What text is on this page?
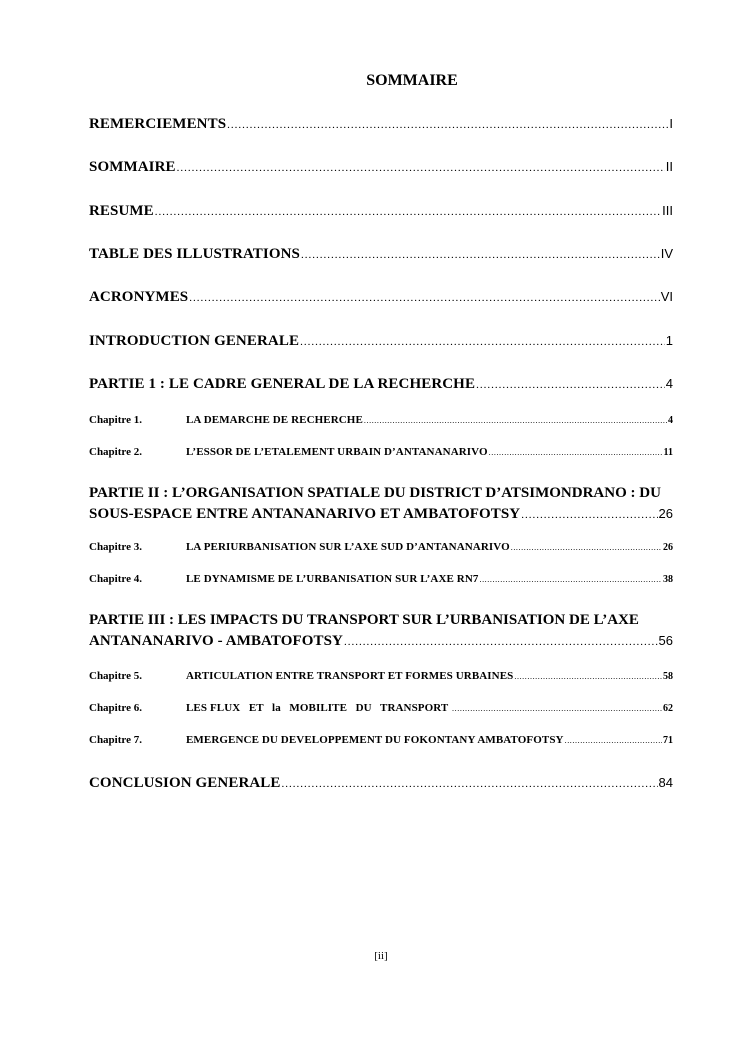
SOMMAIRE
REMERCIEMENTS .....	I
SOMMAIRE .....	II
RESUME .....	III
TABLE DES ILLUSTRATIONS .....	IV
ACRONYMES .....	VI
INTRODUCTION GENERALE .....	1
PARTIE 1 : LE CADRE GENERAL DE LA RECHERCHE .....	4
Chapitre 1.	LA DEMARCHE DE RECHERCHE .....	4
Chapitre 2.	L’ESSOR DE L’ETALEMENT URBAIN D’ANTANANARIVO .....	11
PARTIE II : L’ORGANISATION SPATIALE DU DISTRICT D’ATSIMONDRANO : DU
SOUS-ESPACE ENTRE ANTANANARIVO ET AMBATOFOTSY .....	26
Chapitre 3.	LA PERIURBANISATION SUR L’AXE SUD D’ANTANANARIVO .....	26
Chapitre 4.	LE DYNAMISME DE L’URBANISATION SUR L’AXE RN7 .....	38
PARTIE III : LES IMPACTS DU TRANSPORT SUR L’URBANISATION DE L’AXE
ANTANANARIVO - AMBATOFOTSY .....	56
Chapitre 5.	ARTICULATION ENTRE TRANSPORT ET FORMES URBAINES .....	58
Chapitre 6.	LES FLUX   ET   la   MOBILITE   DU   TRANSPORT .....	62
Chapitre 7.	EMERGENCE DU DEVELOPPEMENT DU FOKONTANY AMBATOFOTSY .....	71
CONCLUSION GENERALE .....	84
[ii]
